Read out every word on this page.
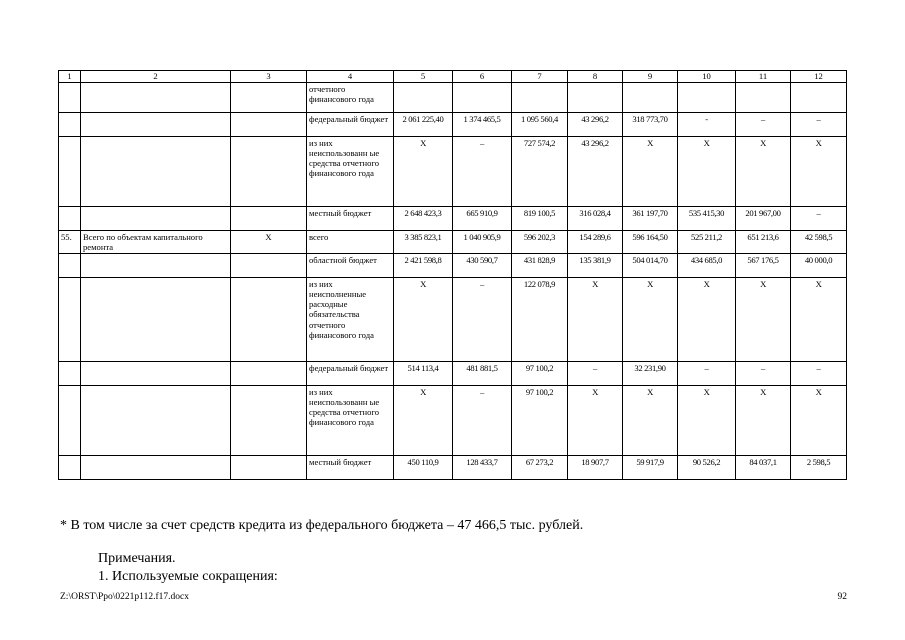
1	2	3	4	5	6	7	8	9	10	11	12
			отчетного финансового года								
			федеральный бюджет	2 061 225,40	1 374 465,5	1 095 560,4	43 296,2	318 773,70	-	–	–
			из них неиспользованн ые средства отчетного финансового года	X	–	727 574,2	43 296,2	X	X	X	X
			местный бюджет	2 648 423,3	665 910,9	819 100,5	316 028,4	361 197,70	535 415,30	201 967,00	–
55.	Всего по объектам капитального ремонта	X	всего	3 385 823,1	1 040 905,9	596 202,3	154 289,6	596 164,50	525 211,2	651 213,6	42 598,5
			областной бюджет	2 421 598,8	430 590,7	431 828,9	135 381,9	504 014,70	434 685,0	567 176,5	40 000,0
			из них неисполненные расходные обязательства отчетного финансового года	X	–	122 078,9	X	X	X	X	X
			федеральный бюджет	514 113,4	481 881,5	97 100,2	–	32 231,90	–	–	–
			из них неиспользованн ые средства отчетного финансового года	X	–	97 100,2	X	X	X	X	X
			местный бюджет	450 110,9	128 433,7	67 273,2	18 907,7	59 917,9	90 526,2	84 037,1	2 598,5
* В том числе за счет средств кредита из федерального бюджета – 47 466,5 тыс. рублей.
Примечания.
1. Используемые сокращения:
Z:\ORST\Ppo\0221p112.f17.docx	92
